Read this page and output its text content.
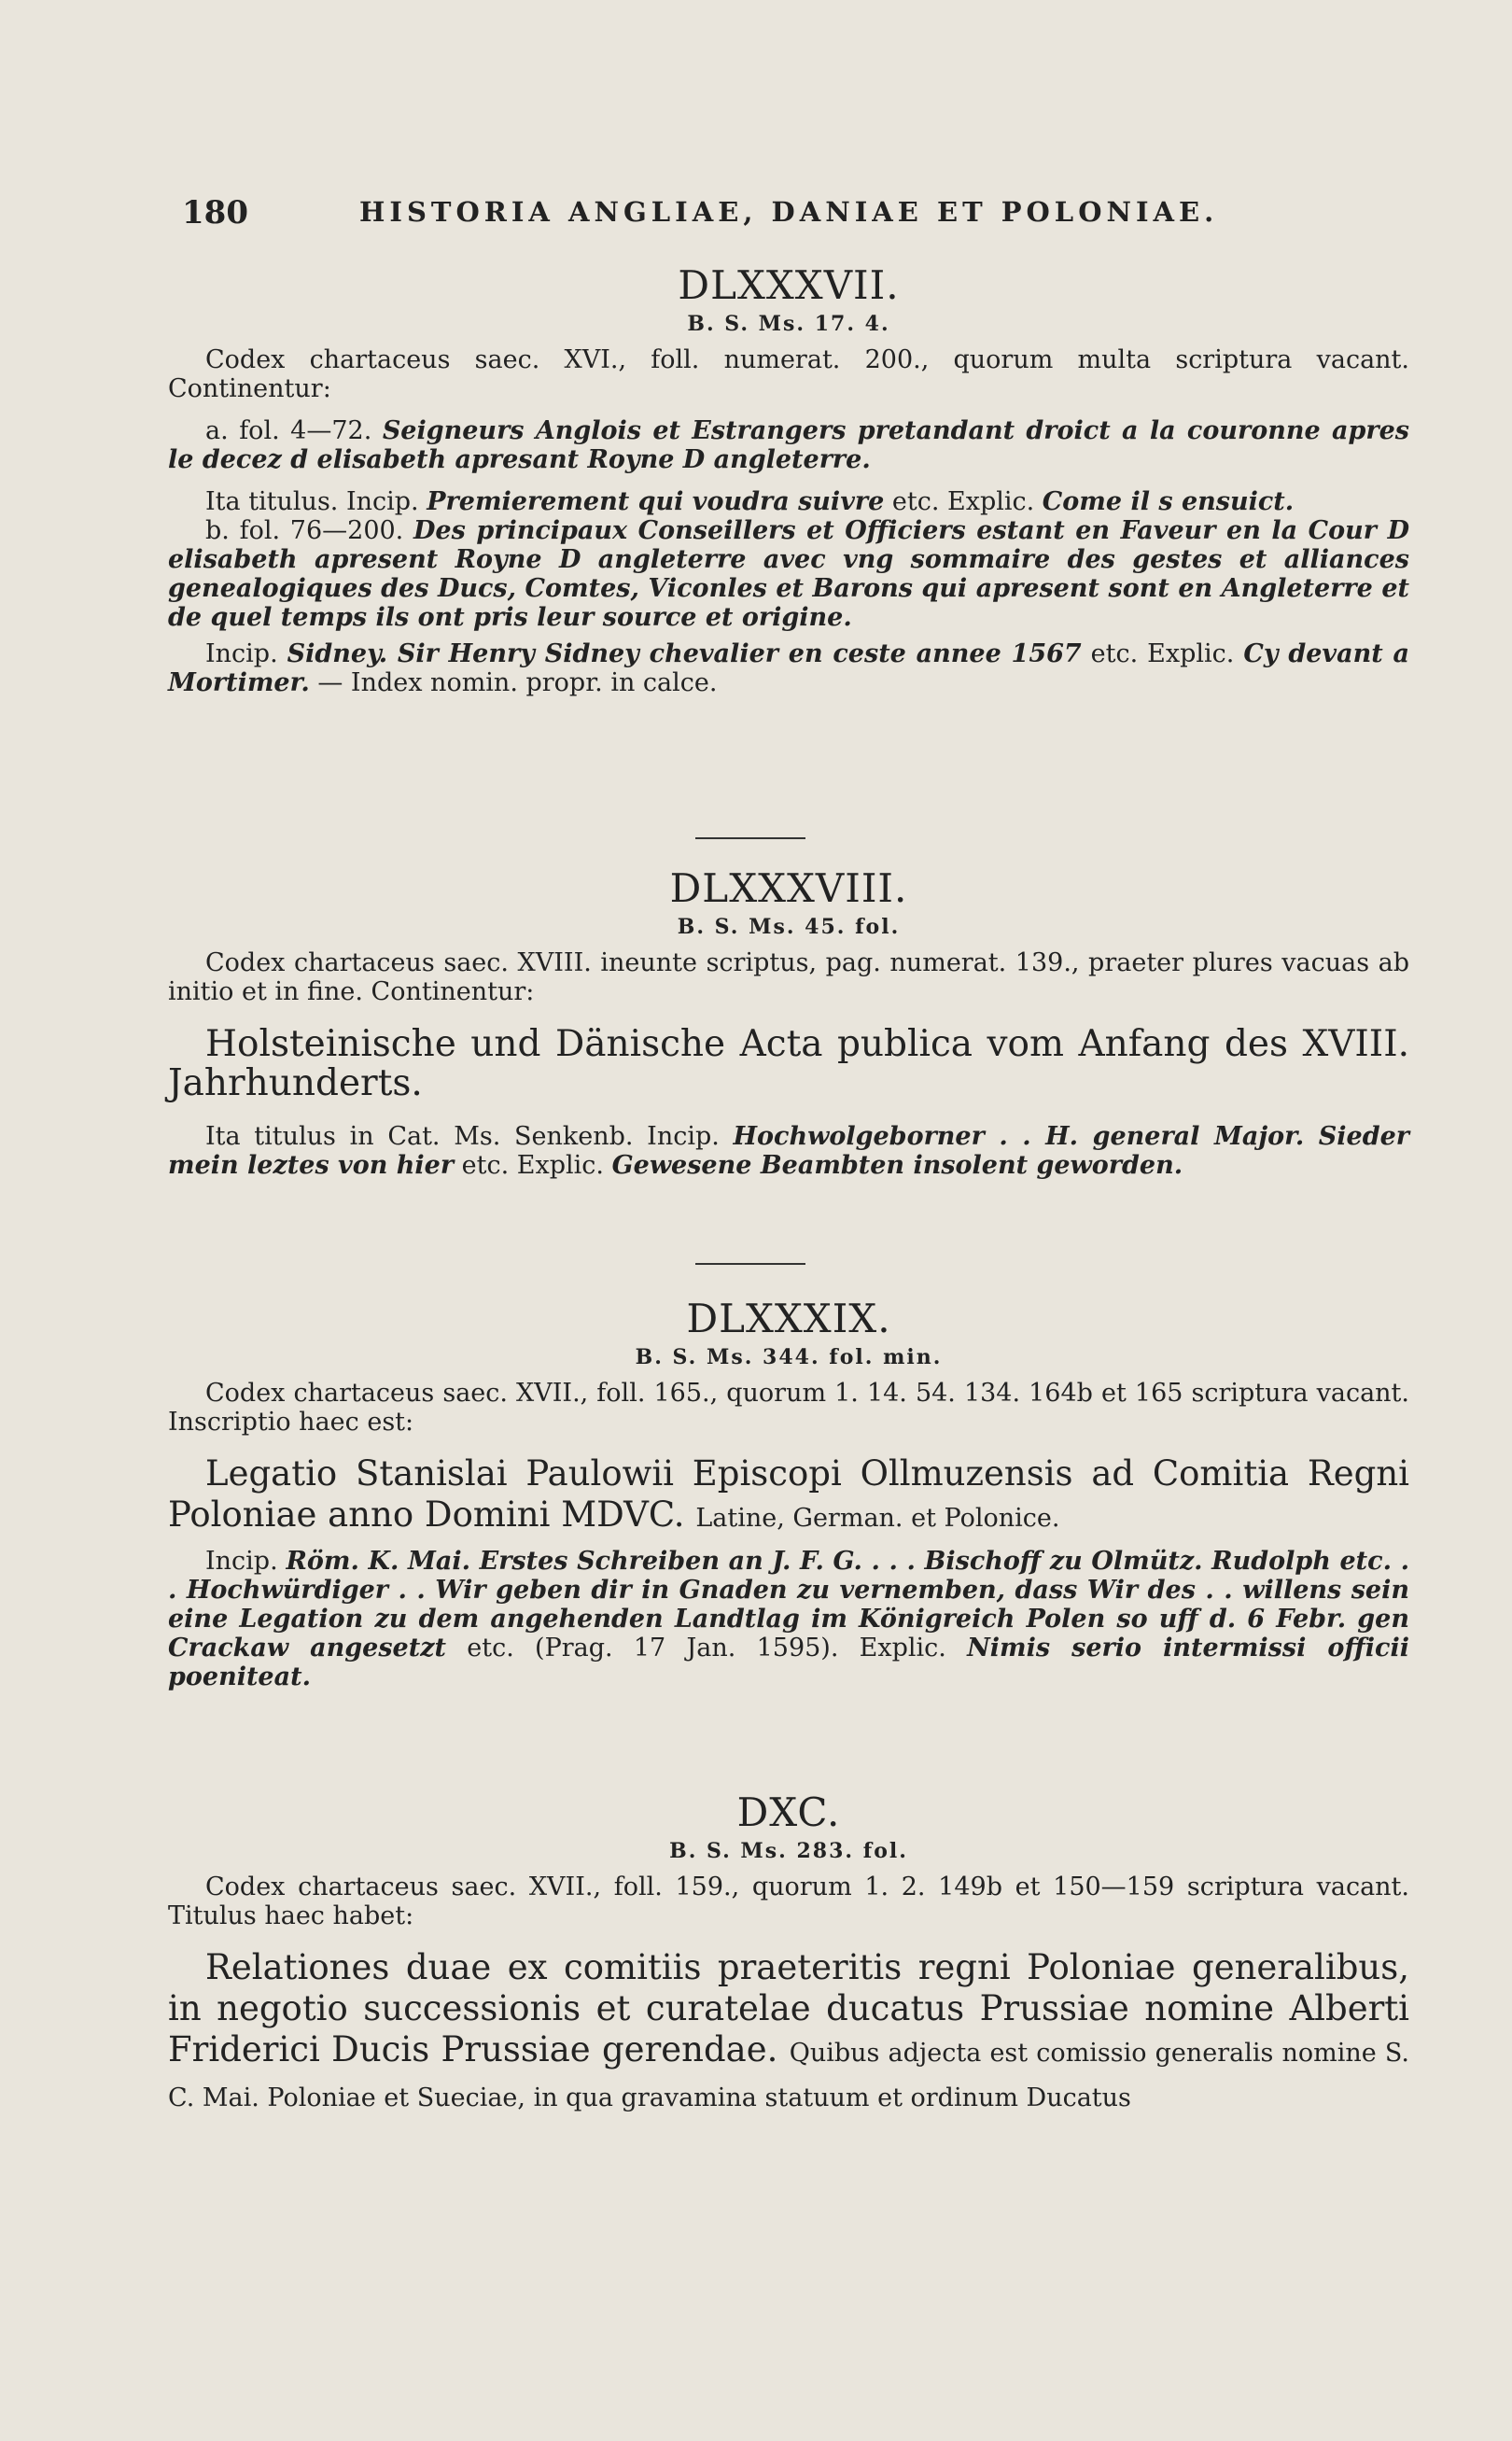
180	HISTORIA ANGLIAE, DANIAE ET POLONIAE.
DLXXXVII.
B. S. Ms. 17. 4.

Codex chartaceus saec. XVI., foll. numerat. 200., quorum multa scriptura vacant. Continentur:

a. fol. 4—72. Seigneurs Anglois et Estrangers pretandant droict a la couronne apres le decez d elisabeth apresant Royne D angleterre.

Ita titulus. Incip. Premierement qui voudra suivre etc. Explic. Come il s ensuict.

b. fol. 76—200. Des principaux Conseillers et Officiers estant en Faveur en la Cour D elisabeth apresent Royne D angleterre avec vng sommaire des gestes et alliances genealogiques des Ducs, Comtes, Viconles et Barons qui apresent sont en Angleterre et de quel temps ils ont pris leur source et origine.

Incip. Sidney. Sir Henry Sidney chevalier en ceste annee 1567 etc. Explic. Cy devant a Mortimer. — Index nomin. propr. in calce.

DLXXXVIII.
B. S. Ms. 45. fol.

Codex chartaceus saec. XVIII. ineunte scriptus, pag. numerat. 139., praeter plures vacuas ab initio et in fine. Continentur:

Holsteinische und Dänische Acta publica vom Anfang des XVIII. Jahrhunderts.

Ita titulus in Cat. Ms. Senkenb. Incip. Hochwolgeborner . . H. general Major. Sieder mein leztes von hier etc. Explic. Gewesene Beambten insolent geworden.

DLXXXIX.
B. S. Ms. 344. fol. min.

Codex chartaceus saec. XVII., foll. 165., quorum 1. 14. 54. 134. 164b et 165 scriptura vacant. Inscriptio haec est:

Legatio Stanislai Paulowii Episcopi Ollmuzensis ad Comitia Regni Poloniae anno Domini MDVC. Latine, German. et Polonice.

Incip. Röm. K. Mai. Erstes Schreiben an J. F. G. . . . Bischoff zu Olmütz. Rudolph etc. . . Hochwürdiger . . Wir geben dir in Gnaden zu vernemben, dass Wir des . . willens sein eine Legation zu dem angehenden Landtlag im Königreich Polen so uff d. 6 Febr. gen Crackaw angesetzt etc. (Prag. 17 Jan. 1595). Explic. Nimis serio intermissi officii poeniteat.

DXC.
B. S. Ms. 283. fol.

Codex chartaceus saec. XVII., foll. 159., quorum 1. 2. 149b et 150—159 scriptura vacant. Titulus haec habet:

Relationes duae ex comitiis praeteritis regni Poloniae generalibus, in negotio successionis et curatelae ducatus Prussiae nomine Alberti Friderici Ducis Prussiae gerendae. Quibus adjecta est comissio generalis nomine S. C. Mai. Poloniae et Sueciae, in qua gravamina statuum et ordinum Ducatus
